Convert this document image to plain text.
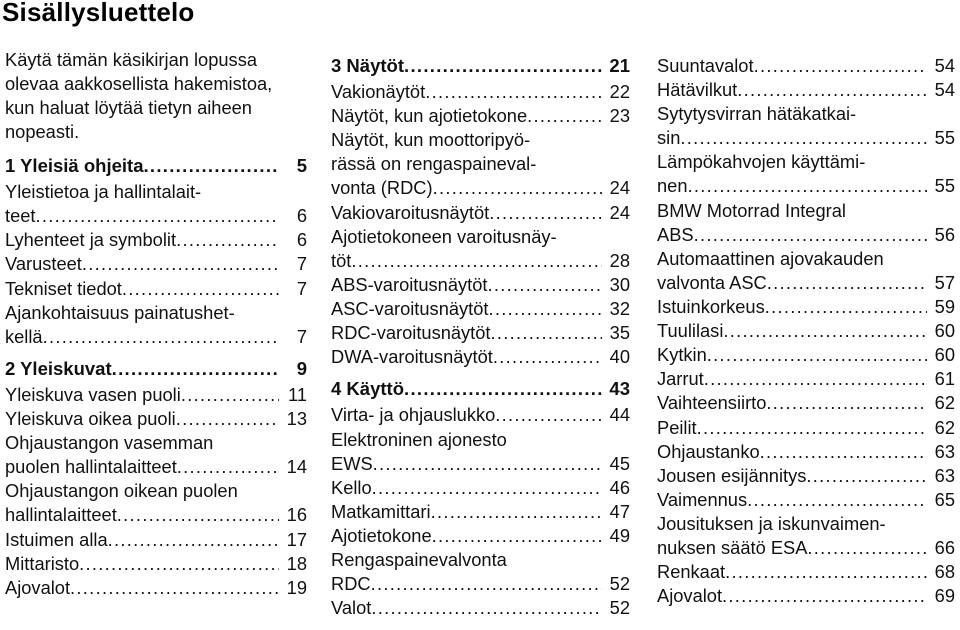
Sisällysluettelo
Käytä tämän käsikirjan lopussa
olevaa aakkosellista hakemistoa,
kun haluat löytää tietyn aiheen
nopeasti.
1 Yleisiä ohjeita .....	5
Yleistietoa ja hallintalait-
teet .....	6
Lyhenteet ja symbolit .....	6
Varusteet .....	7
Tekniset tiedot .....	7
Ajankohtaisuus painatushet-
kellä .....	7
2 Yleiskuvat .....	9
Yleiskuva vasen puoli .....	11
Yleiskuva oikea puoli .....	13
Ohjaustangon vasemman
puolen hallintalaitteet .....	14
Ohjaustangon oikean puolen
hallintalaitteet .....	16
Istuimen alla .....	17
Mittaristo .....	18
Ajovalot .....	19
3 Näytöt .....	21
Vakionäytöt .....	22
Näytöt, kun ajotietokone .....	23
Näytöt, kun moottoripyö-
rässä on rengaspaineval-
vonta (RDC) .....	24
Vakiovaroitusnäytöt .....	24
Ajotietokoneen varoitusnäy-
töt .....	28
ABS-varoitusnäytöt .....	30
ASC-varoitusnäytöt .....	32
RDC-varoitusnäytöt .....	35
DWA-varoitusnäytöt .....	40
4 Käyttö .....	43
Virta- ja ohjauslukko .....	44
Elektroninen ajonesto
EWS .....	45
Kello .....	46
Matkamittari .....	47
Ajotietokone .....	49
Rengaspainevalvonta
RDC .....	52
Valot .....	52
Suuntavalot .....	54
Hätävilkut .....	54
Sytytysvirran hätäkatkai-
sin .....	55
Lämpökahvojen käyttämi-
nen .....	55
BMW Motorrad Integral
ABS .....	56
Automaattinen ajovakauden
valvonta ASC .....	57
Istuinkorkeus .....	59
Tuulilasi .....	60
Kytkin .....	60
Jarrut .....	61
Vaihteensiirto .....	62
Peilit .....	62
Ohjaustanko .....	63
Jousen esijännitys .....	63
Vaimennus .....	65
Jousituksen ja iskunvaimen-
nuksen säätö ESA .....	66
Renkaat .....	68
Ajovalot .....	69
